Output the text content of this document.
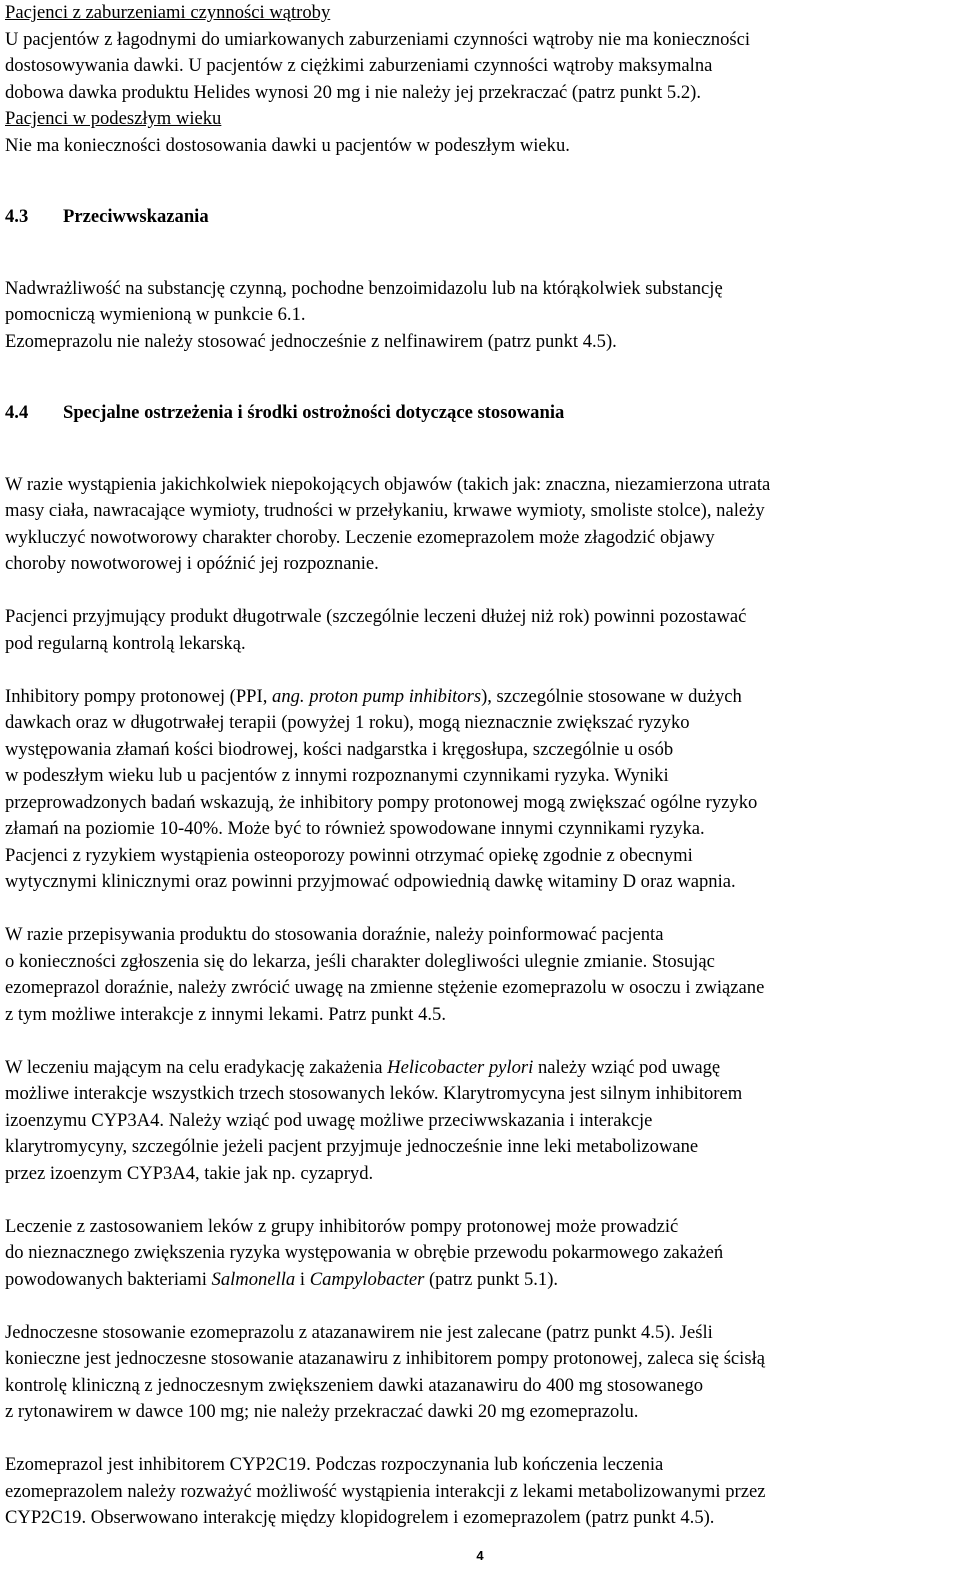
Pacjenci z zaburzeniami czynności wątroby

U pacjentów z łagodnymi do umiarkowanych zaburzeniami czynności wątroby nie ma konieczności

dostosowywania dawki. U pacjentów z ciężkimi zaburzeniami czynności wątroby maksymalna

dobowa dawka produktu Helides wynosi 20 mg i nie należy jej przekraczać (patrz punkt 5.2).

Pacjenci w podeszłym wieku

Nie ma konieczności dostosowania dawki u pacjentów w podeszłym wieku.

4.3 Przeciwwskazania

Nadwrażliwość na substancję czynną, pochodne benzoimidazolu lub na którąkolwiek substancję

pomocniczą wymienioną w punkcie 6.1.

Ezomeprazolu nie należy stosować jednocześnie z nelfinawirem (patrz punkt 4.5).

4.4 Specjalne ostrzeżenia i środki ostrożności dotyczące stosowania

W razie wystąpienia jakichkolwiek niepokojących objawów (takich jak: znaczna, niezamierzona utrata

masy ciała, nawracające wymioty, trudności w przełykaniu, krwawe wymioty, smoliste stolce), należy

wykluczyć nowotworowy charakter choroby. Leczenie ezomeprazolem może złagodzić objawy

choroby nowotworowej i opóźnić jej rozpoznanie.

Pacjenci przyjmujący produkt długotrwale (szczególnie leczeni dłużej niż rok) powinni pozostawać

pod regularną kontrolą lekarską.

Inhibitory pompy protonowej (PPI, ang. proton pump inhibitors), szczególnie stosowane w dużych

dawkach oraz w długotrwałej terapii (powyżej 1 roku), mogą nieznacznie zwiększać ryzyko

występowania złamań kości biodrowej, kości nadgarstka i kręgosłupa, szczególnie u osób

w podeszłym wieku lub u pacjentów z innymi rozpoznanymi czynnikami ryzyka. Wyniki

przeprowadzonych badań wskazują, że inhibitory pompy protonowej mogą zwiększać ogólne ryzyko

złamań na poziomie 10-40%. Może być to również spowodowane innymi czynnikami ryzyka.

Pacjenci z ryzykiem wystąpienia osteoporozy powinni otrzymać opiekę zgodnie z obecnymi

wytycznymi klinicznymi oraz powinni przyjmować odpowiednią dawkę witaminy D oraz wapnia.

W razie przepisywania produktu do stosowania doraźnie, należy poinformować pacjenta

o konieczności zgłoszenia się do lekarza, jeśli charakter dolegliwości ulegnie zmianie. Stosując

ezomeprazol doraźnie, należy zwrócić uwagę na zmienne stężenie ezomeprazolu w osoczu i związane

z tym możliwe interakcje z innymi lekami. Patrz punkt 4.5.

W leczeniu mającym na celu eradykację zakażenia Helicobacter pylori należy wziąć pod uwagę

możliwe interakcje wszystkich trzech stosowanych leków. Klarytromycyna jest silnym inhibitorem

izoenzymu CYP3A4. Należy wziąć pod uwagę możliwe przeciwwskazania i interakcje

klarytromycyny, szczególnie jeżeli pacjent przyjmuje jednocześnie inne leki metabolizowane

przez izoenzym CYP3A4, takie jak np. cyzapryd.

Leczenie z zastosowaniem leków z grupy inhibitorów pompy protonowej może prowadzić

do nieznacznego zwiększenia ryzyka występowania w obrębie przewodu pokarmowego zakażeń

powodowanych bakteriami Salmonella i Campylobacter (patrz punkt 5.1).

Jednoczesne stosowanie ezomeprazolu z atazanawirem nie jest zalecane (patrz punkt 4.5). Jeśli

konieczne jest jednoczesne stosowanie atazanawiru z inhibitorem pompy protonowej, zaleca się ścisłą

kontrolę kliniczną z jednoczesnym zwiększeniem dawki atazanawiru do 400 mg stosowanego

z rytonawirem w dawce 100 mg; nie należy przekraczać dawki 20 mg ezomeprazolu.

Ezomeprazol jest inhibitorem CYP2C19. Podczas rozpoczynania lub kończenia leczenia

ezomeprazolem należy rozważyć możliwość wystąpienia interakcji z lekami metabolizowanymi przez

CYP2C19. Obserwowano interakcję między klopidogrelem i ezomeprazolem (patrz punkt 4.5).

4
